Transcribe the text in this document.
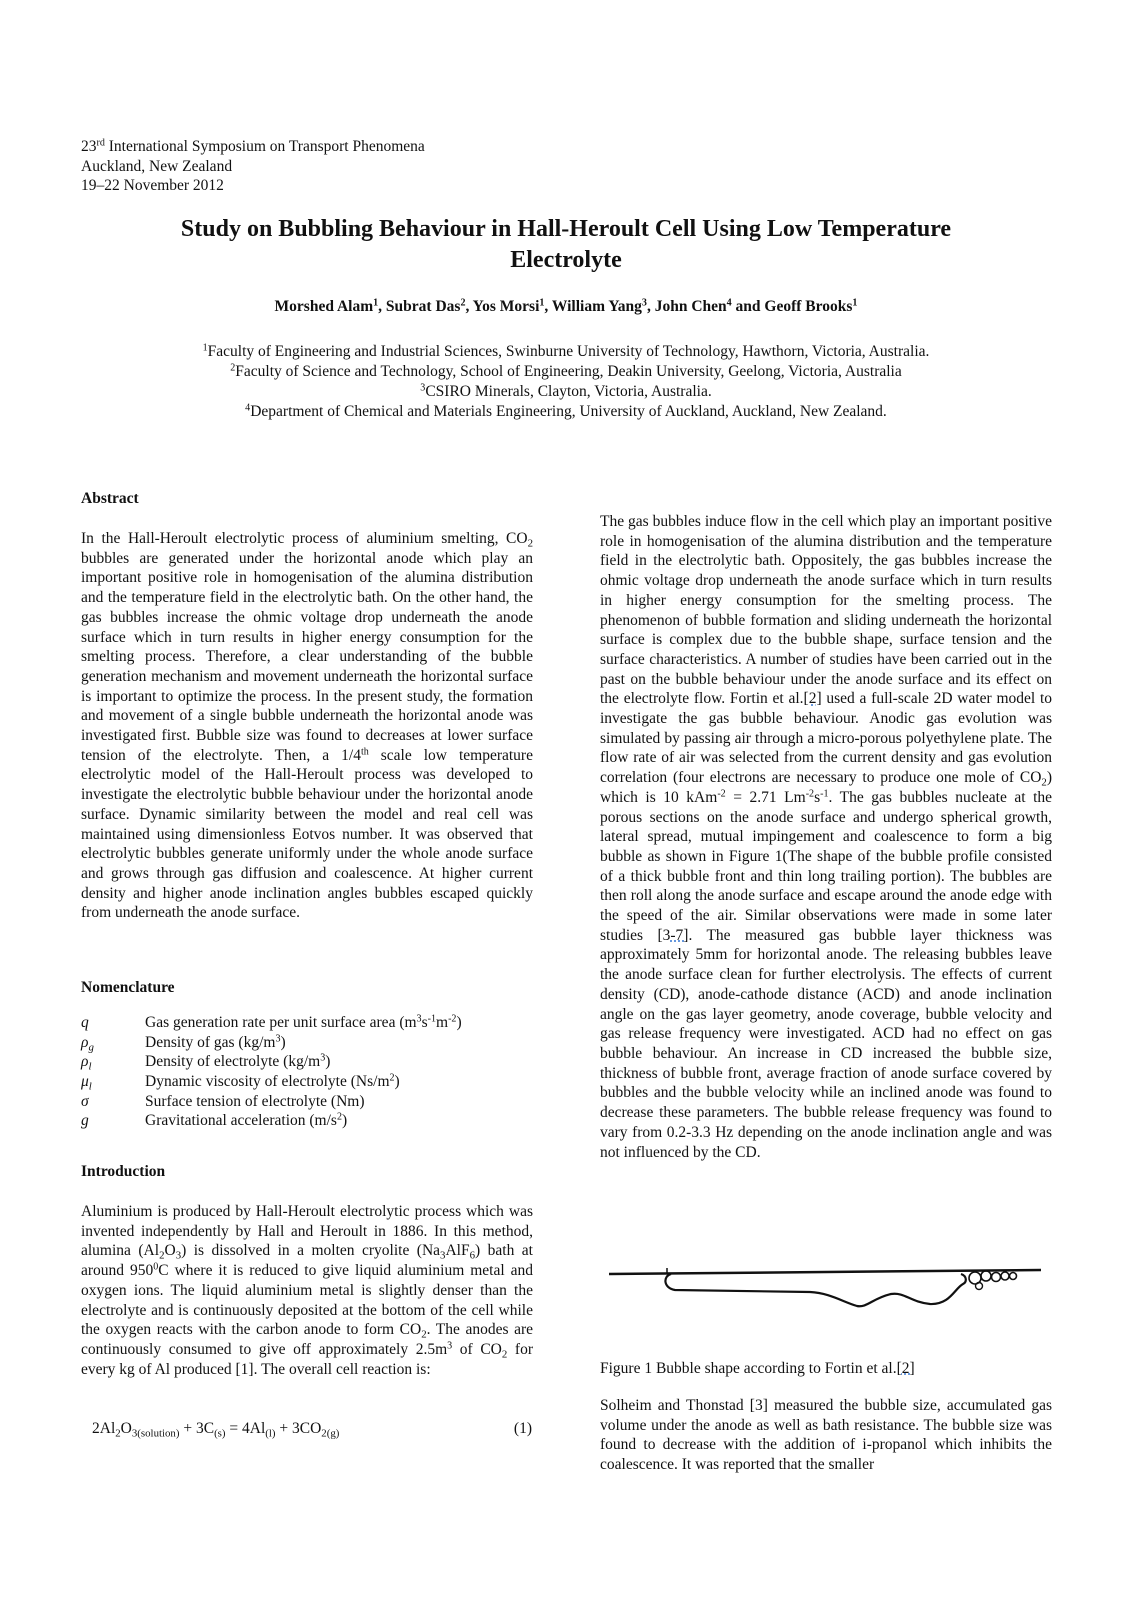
23rd International Symposium on Transport Phenomena
Auckland, New Zealand
19–22 November 2012
Study on Bubbling Behaviour in Hall-Heroult Cell Using Low Temperature
Electrolyte
Morshed Alam$^1$, Subrat Das$^2$, Yos Morsi$^1$, William Yang$^3$, John Chen$^4$ and Geoff Brooks$^1$
$^1$Faculty of Engineering and Industrial Sciences, Swinburne University of Technology, Hawthorn, Victoria, Australia.
$^2$Faculty of Science and Technology, School of Engineering, Deakin University, Geelong, Victoria, Australia
$^3$CSIRO Minerals, Clayton, Victoria, Australia.
$^4$Department of Chemical and Materials Engineering, University of Auckland, Auckland, New Zealand.
Abstract

In the Hall-Heroult electrolytic process of aluminium smelting, $CO_2$ bubbles are generated under the horizontal anode which play an important positive role in homogenisation of the alumina distribution and the temperature field in the electrolytic bath. On the other hand, the gas bubbles increase the ohmic voltage drop underneath the anode surface which in turn results in higher energy consumption for the smelting process. Therefore, a clear understanding of the bubble generation mechanism and movement underneath the horizontal surface is important to optimize the process. In the present study, the formation and movement of a single bubble underneath the horizontal anode was investigated first. Bubble size was found to decreases at lower surface tension of the electrolyte. Then, a 1/4th scale low temperature electrolytic model of the Hall-Heroult process was developed to investigate the electrolytic bubble behaviour under the horizontal anode surface. Dynamic similarity between the model and real cell was maintained using dimensionless Eotvos number. It was observed that electrolytic bubbles generate uniformly under the whole anode surface and grows through gas diffusion and coalescence. At higher current density and higher anode inclination angles bubbles escaped quickly from underneath the anode surface.

Nomenclature
q	Gas generation rate per unit surface area $(m^3s^{-1}m^{-2})$
$\rho_g$	Density of gas $(kg/m^3)$
$\rho_l$	Density of electrolyte $(kg/m^3)$
$\mu_l$	Dynamic viscosity of electrolyte $(Ns/m^2)$
σ	Surface tension of electrolyte (Nm)
g	Gravitational acceleration $(m/s^2)$
Introduction

Aluminium is produced by Hall-Heroult electrolytic process which was invented independently by Hall and Heroult in 1886. In this method, alumina $(Al_2O_3)$ is dissolved in a molten cryolite $(Na_3AlF_6)$ bath at around $950^0C$ where it is reduced to give liquid aluminium metal and oxygen ions. The liquid aluminium metal is slightly denser than the electrolyte and is continuously deposited at the bottom of the cell while the oxygen reacts with the carbon anode to form $CO_2$. The anodes are continuously consumed to give off approximately $2.5m^3$ of $CO_2$ for every kg of Al produced [1]. The overall cell reaction is:

$2Al_2O_{3(solution)} + 3C_{(s)} = 4Al_{(l)} + 3CO_{2(g)}$	(1)

The gas bubbles induce flow in the cell which play an important positive role in homogenisation of the alumina distribution and the temperature field in the electrolytic bath. Oppositely, the gas bubbles increase the ohmic voltage drop underneath the anode surface which in turn results in higher energy consumption for the smelting process. The phenomenon of bubble formation and sliding underneath the horizontal surface is complex due to the bubble shape, surface tension and the surface characteristics. A number of studies have been carried out in the past on the bubble behaviour under the anode surface and its effect on the electrolyte flow. Fortin et al.[2] used a full-scale 2D water model to investigate the gas bubble behaviour. Anodic gas evolution was simulated by passing air through a micro-porous polyethylene plate. The flow rate of air was selected from the current density and gas evolution correlation (four electrons are necessary to produce one mole of $CO_2$) which is 10 kAm$^{-2}$ = 2.71 $Lm^{-2}s^{-1}$. The gas bubbles nucleate at the porous sections on the anode surface and undergo spherical growth, lateral spread, mutual impingement and coalescence to form a big bubble as shown in Figure 1(The shape of the bubble profile consisted of a thick bubble front and thin long trailing portion). The bubbles are then roll along the anode surface and escape around the anode edge with the speed of the air. Similar observations were made in some later studies [3-7]. The measured gas bubble layer thickness was approximately 5mm for horizontal anode. The releasing bubbles leave the anode surface clean for further electrolysis. The effects of current density (CD), anode-cathode distance (ACD) and anode inclination angle on the gas layer geometry, anode coverage, bubble velocity and gas release frequency were investigated. ACD had no effect on gas bubble behaviour. An increase in CD increased the bubble size, thickness of bubble front, average fraction of anode surface covered by bubbles and the bubble velocity while an inclined anode was found to decrease these parameters. The bubble release frequency was found to vary from 0.2-3.3 Hz depending on the anode inclination angle and was not influenced by the CD.

Figure 1 Bubble shape according to Fortin et al.[2]

Solheim and Thonstad [3] measured the bubble size, accumulated gas volume under the anode as well as bath resistance. The bubble size was found to decrease with the addition of i-propanol which inhibits the coalescence. It was reported that the smaller
